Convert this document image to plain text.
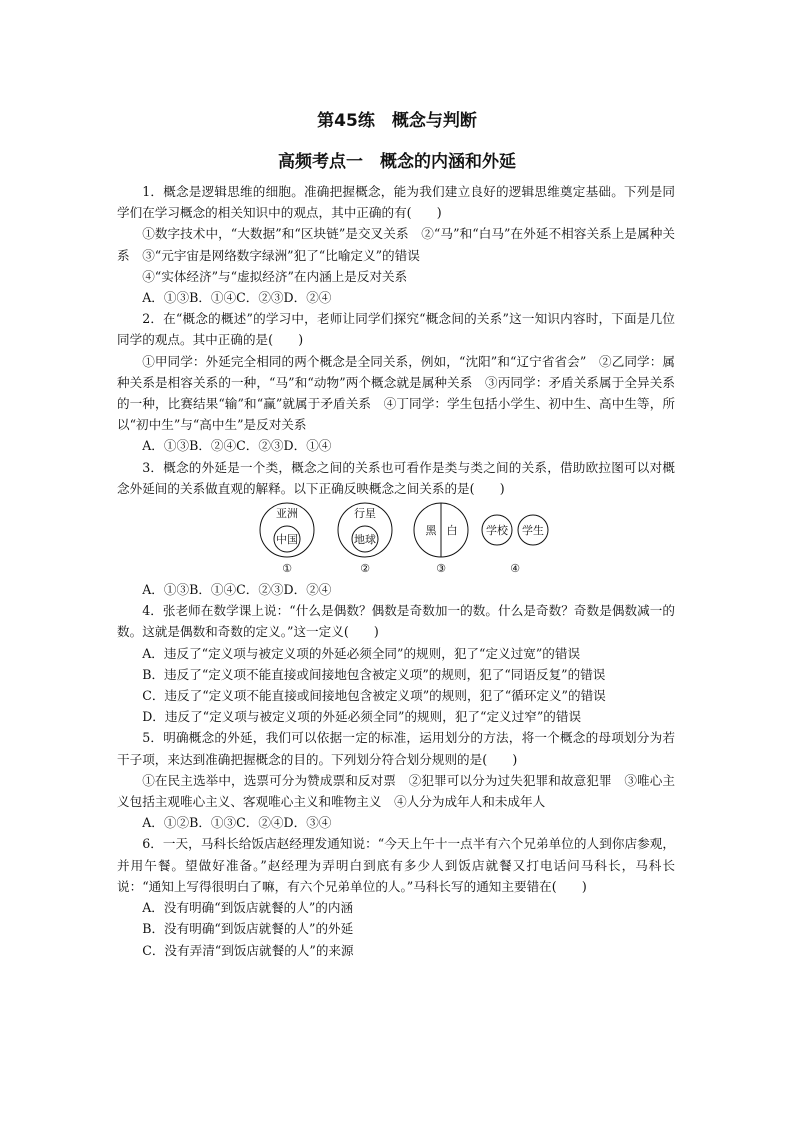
第45练　概念与判断
高频考点一　概念的内涵和外延

1．概念是逻辑思维的细胞。准确把握概念，能为我们建立良好的逻辑思维奠定基础。下列是同学们在学习概念的相关知识中的观点，其中正确的有(　　)

①数字技术中，“大数据”和“区块链”是交叉关系　②“马”和“白马”在外延不相容关系上是属种关系　③“元宇宙是网络数字绿洲”犯了“比喻定义”的错误

④“实体经济”与“虚拟经济”在内涵上是反对关系

A．①③B．①④C．②③D．②④

2．在“概念的概述”的学习中，老师让同学们探究“概念间的关系”这一知识内容时，下面是几位同学的观点。其中正确的是(　　)

①甲同学：外延完全相同的两个概念是全同关系，例如，“沈阳”和“辽宁省省会”　②乙同学：属种关系是相容关系的一种，“马”和“动物”两个概念就是属种关系　③丙同学：矛盾关系属于全异关系的一种，比赛结果“输”和“赢”就属于矛盾关系　④丁同学：学生包括小学生、初中生、高中生等，所以“初中生”与“高中生”是反对关系

A．①③B．②④C．②③D．①④

3．概念的外延是一个类，概念之间的关系也可看作是类与类之间的关系，借助欧拉图可以对概念外延间的关系做直观的解释。以下正确反映概念之间关系的是(　　)

亚洲
中国
①
行星
地球
②
黑 白
③
学校 学生
④

A．①③B．①④C．②③D．②④

4．张老师在数学课上说：“什么是偶数？偶数是奇数加一的数。什么是奇数？奇数是偶数减一的数。这就是偶数和奇数的定义。”这一定义(　　)

A．违反了“定义项与被定义项的外延必须全同”的规则，犯了“定义过宽”的错误

B．违反了“定义项不能直接或间接地包含被定义项”的规则，犯了“同语反复”的错误

C．违反了“定义项不能直接或间接地包含被定义项”的规则，犯了“循环定义”的错误

D．违反了“定义项与被定义项的外延必须全同”的规则，犯了“定义过窄”的错误

5．明确概念的外延，我们可以依据一定的标准，运用划分的方法，将一个概念的母项划分为若干子项，来达到准确把握概念的目的。下列划分符合划分规则的是(　　)

①在民主选举中，选票可分为赞成票和反对票　②犯罪可以分为过失犯罪和故意犯罪　③唯心主义包括主观唯心主义、客观唯心主义和唯物主义　④人分为成年人和未成年人

A．①②B．①③C．②④D．③④

6．一天，马科长给饭店赵经理发通知说：“今天上午十一点半有六个兄弟单位的人到你店参观，并用午餐。望做好准备。”赵经理为弄明白到底有多少人到饭店就餐又打电话问马科长，马科长说：“通知上写得很明白了嘛，有六个兄弟单位的人。”马科长写的通知主要错在(　　)

A．没有明确“到饭店就餐的人”的内涵

B．没有明确“到饭店就餐的人”的外延

C．没有弄清“到饭店就餐的人”的来源
